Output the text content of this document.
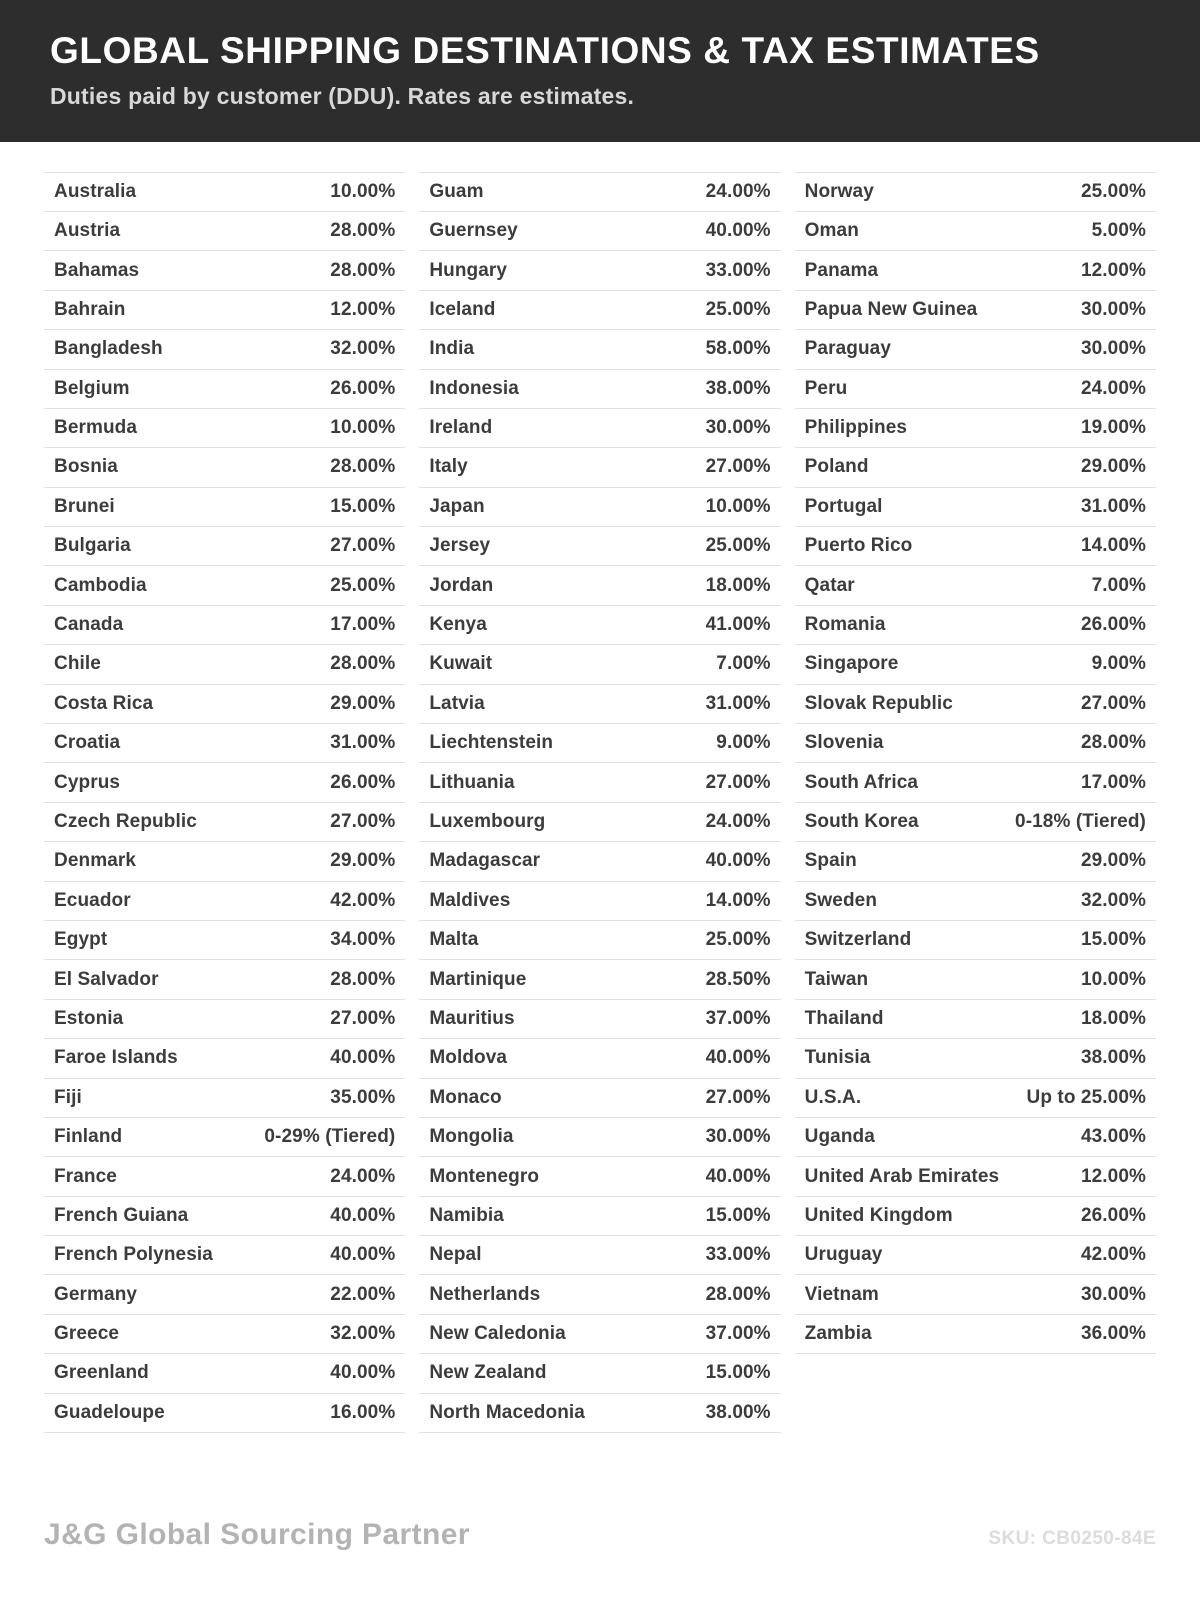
GLOBAL SHIPPING DESTINATIONS & TAX ESTIMATES
Duties paid by customer (DDU). Rates are estimates.
Australia	10.00%
Austria	28.00%
Bahamas	28.00%
Bahrain	12.00%
Bangladesh	32.00%
Belgium	26.00%
Bermuda	10.00%
Bosnia	28.00%
Brunei	15.00%
Bulgaria	27.00%
Cambodia	25.00%
Canada	17.00%
Chile	28.00%
Costa Rica	29.00%
Croatia	31.00%
Cyprus	26.00%
Czech Republic	27.00%
Denmark	29.00%
Ecuador	42.00%
Egypt	34.00%
El Salvador	28.00%
Estonia	27.00%
Faroe Islands	40.00%
Fiji	35.00%
Finland	0-29% (Tiered)
France	24.00%
French Guiana	40.00%
French Polynesia	40.00%
Germany	22.00%
Greece	32.00%
Greenland	40.00%
Guadeloupe	16.00%
Guam	24.00%
Guernsey	40.00%
Hungary	33.00%
Iceland	25.00%
India	58.00%
Indonesia	38.00%
Ireland	30.00%
Italy	27.00%
Japan	10.00%
Jersey	25.00%
Jordan	18.00%
Kenya	41.00%
Kuwait	7.00%
Latvia	31.00%
Liechtenstein	9.00%
Lithuania	27.00%
Luxembourg	24.00%
Madagascar	40.00%
Maldives	14.00%
Malta	25.00%
Martinique	28.50%
Mauritius	37.00%
Moldova	40.00%
Monaco	27.00%
Mongolia	30.00%
Montenegro	40.00%
Namibia	15.00%
Nepal	33.00%
Netherlands	28.00%
New Caledonia	37.00%
New Zealand	15.00%
North Macedonia	38.00%
Norway	25.00%
Oman	5.00%
Panama	12.00%
Papua New Guinea	30.00%
Paraguay	30.00%
Peru	24.00%
Philippines	19.00%
Poland	29.00%
Portugal	31.00%
Puerto Rico	14.00%
Qatar	7.00%
Romania	26.00%
Singapore	9.00%
Slovak Republic	27.00%
Slovenia	28.00%
South Africa	17.00%
South Korea	0-18% (Tiered)
Spain	29.00%
Sweden	32.00%
Switzerland	15.00%
Taiwan	10.00%
Thailand	18.00%
Tunisia	38.00%
U.S.A.	Up to 25.00%
Uganda	43.00%
United Arab Emirates	12.00%
United Kingdom	26.00%
Uruguay	42.00%
Vietnam	30.00%
Zambia	36.00%
J&G Global Sourcing Partner	SKU: CB0250-84E
